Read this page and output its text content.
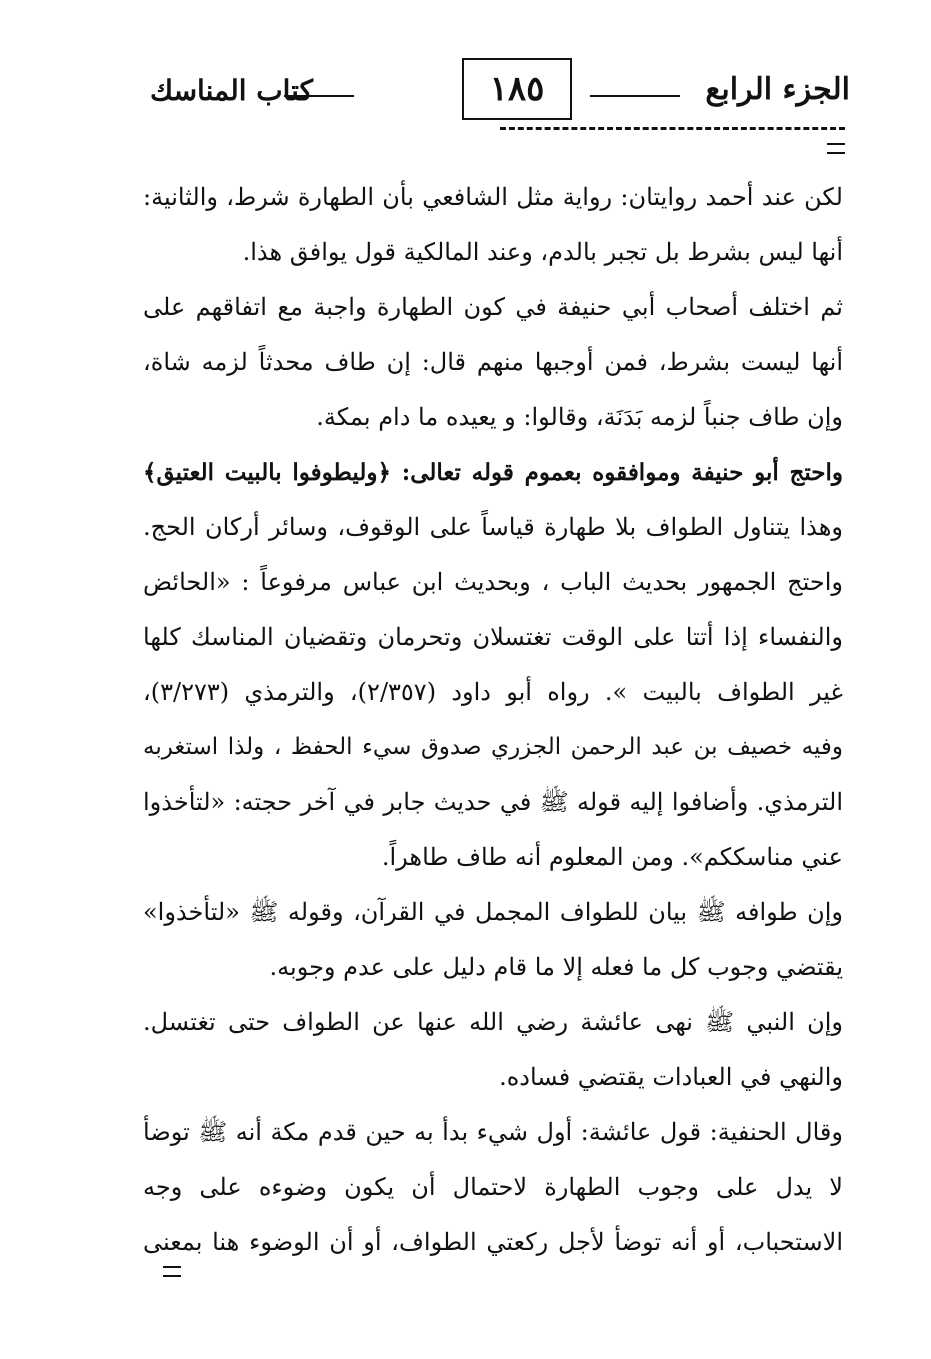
الجزء الرابع
١٨٥
كتاب المناسك
لكن عند أحمد روايتان: رواية مثل الشافعي بأن الطهارة شرط، والثانية:
أنها ليس بشرط بل تجبر بالدم، وعند المالكية قول يوافق هذا.
ثم اختلف أصحاب أبي حنيفة في كون الطهارة واجبة مع اتفاقهم على
أنها ليست بشرط، فمن أوجبها منهم قال: إن طاف محدثاً لزمه شاة،
وإن طاف جنباً لزمه بَدَنَة، وقالوا: و يعيده ما دام بمكة.
واحتج أبو حنيفة وموافقوه بعموم قوله تعالى: ﴿وليطوفوا بالبيت العتيق﴾
وهذا يتناول الطواف بلا طهارة قياساً على الوقوف، وسائر أركان الحج.
واحتج الجمهور بحديث الباب ، وبحديث ابن عباس مرفوعاً : «الحائض
والنفساء إذا أتتا على الوقت تغتسلان وتحرمان وتقضيان المناسك كلها
غير الطواف بالبيت ». رواه أبو داود (٢/٣٥٧)، والترمذي (٣/٢٧٣)،
وفيه خصيف بن عبد الرحمن الجزري صدوق سيء الحفظ ، ولذا استغربه
الترمذي. وأضافوا إليه قوله ﷺ في حديث جابر في آخر حجته: «لتأخذوا
عني مناسككم». ومن المعلوم أنه طاف طاهراً.
وإن طوافه ﷺ بيان للطواف المجمل في القرآن، وقوله ﷺ «لتأخذوا»
يقتضي وجوب كل ما فعله إلا ما قام دليل على عدم وجوبه.
وإن النبي ﷺ نهى عائشة رضي الله عنها عن الطواف حتى تغتسل.
والنهي في العبادات يقتضي فساده.
وقال الحنفية: قول عائشة: أول شيء بدأ به حين قدم مكة أنه ﷺ توضأ
لا يدل على وجوب الطهارة لاحتمال أن يكون وضوءه على وجه
الاستحباب، أو أنه توضأ لأجل ركعتي الطواف، أو أن الوضوء هنا بمعنى
